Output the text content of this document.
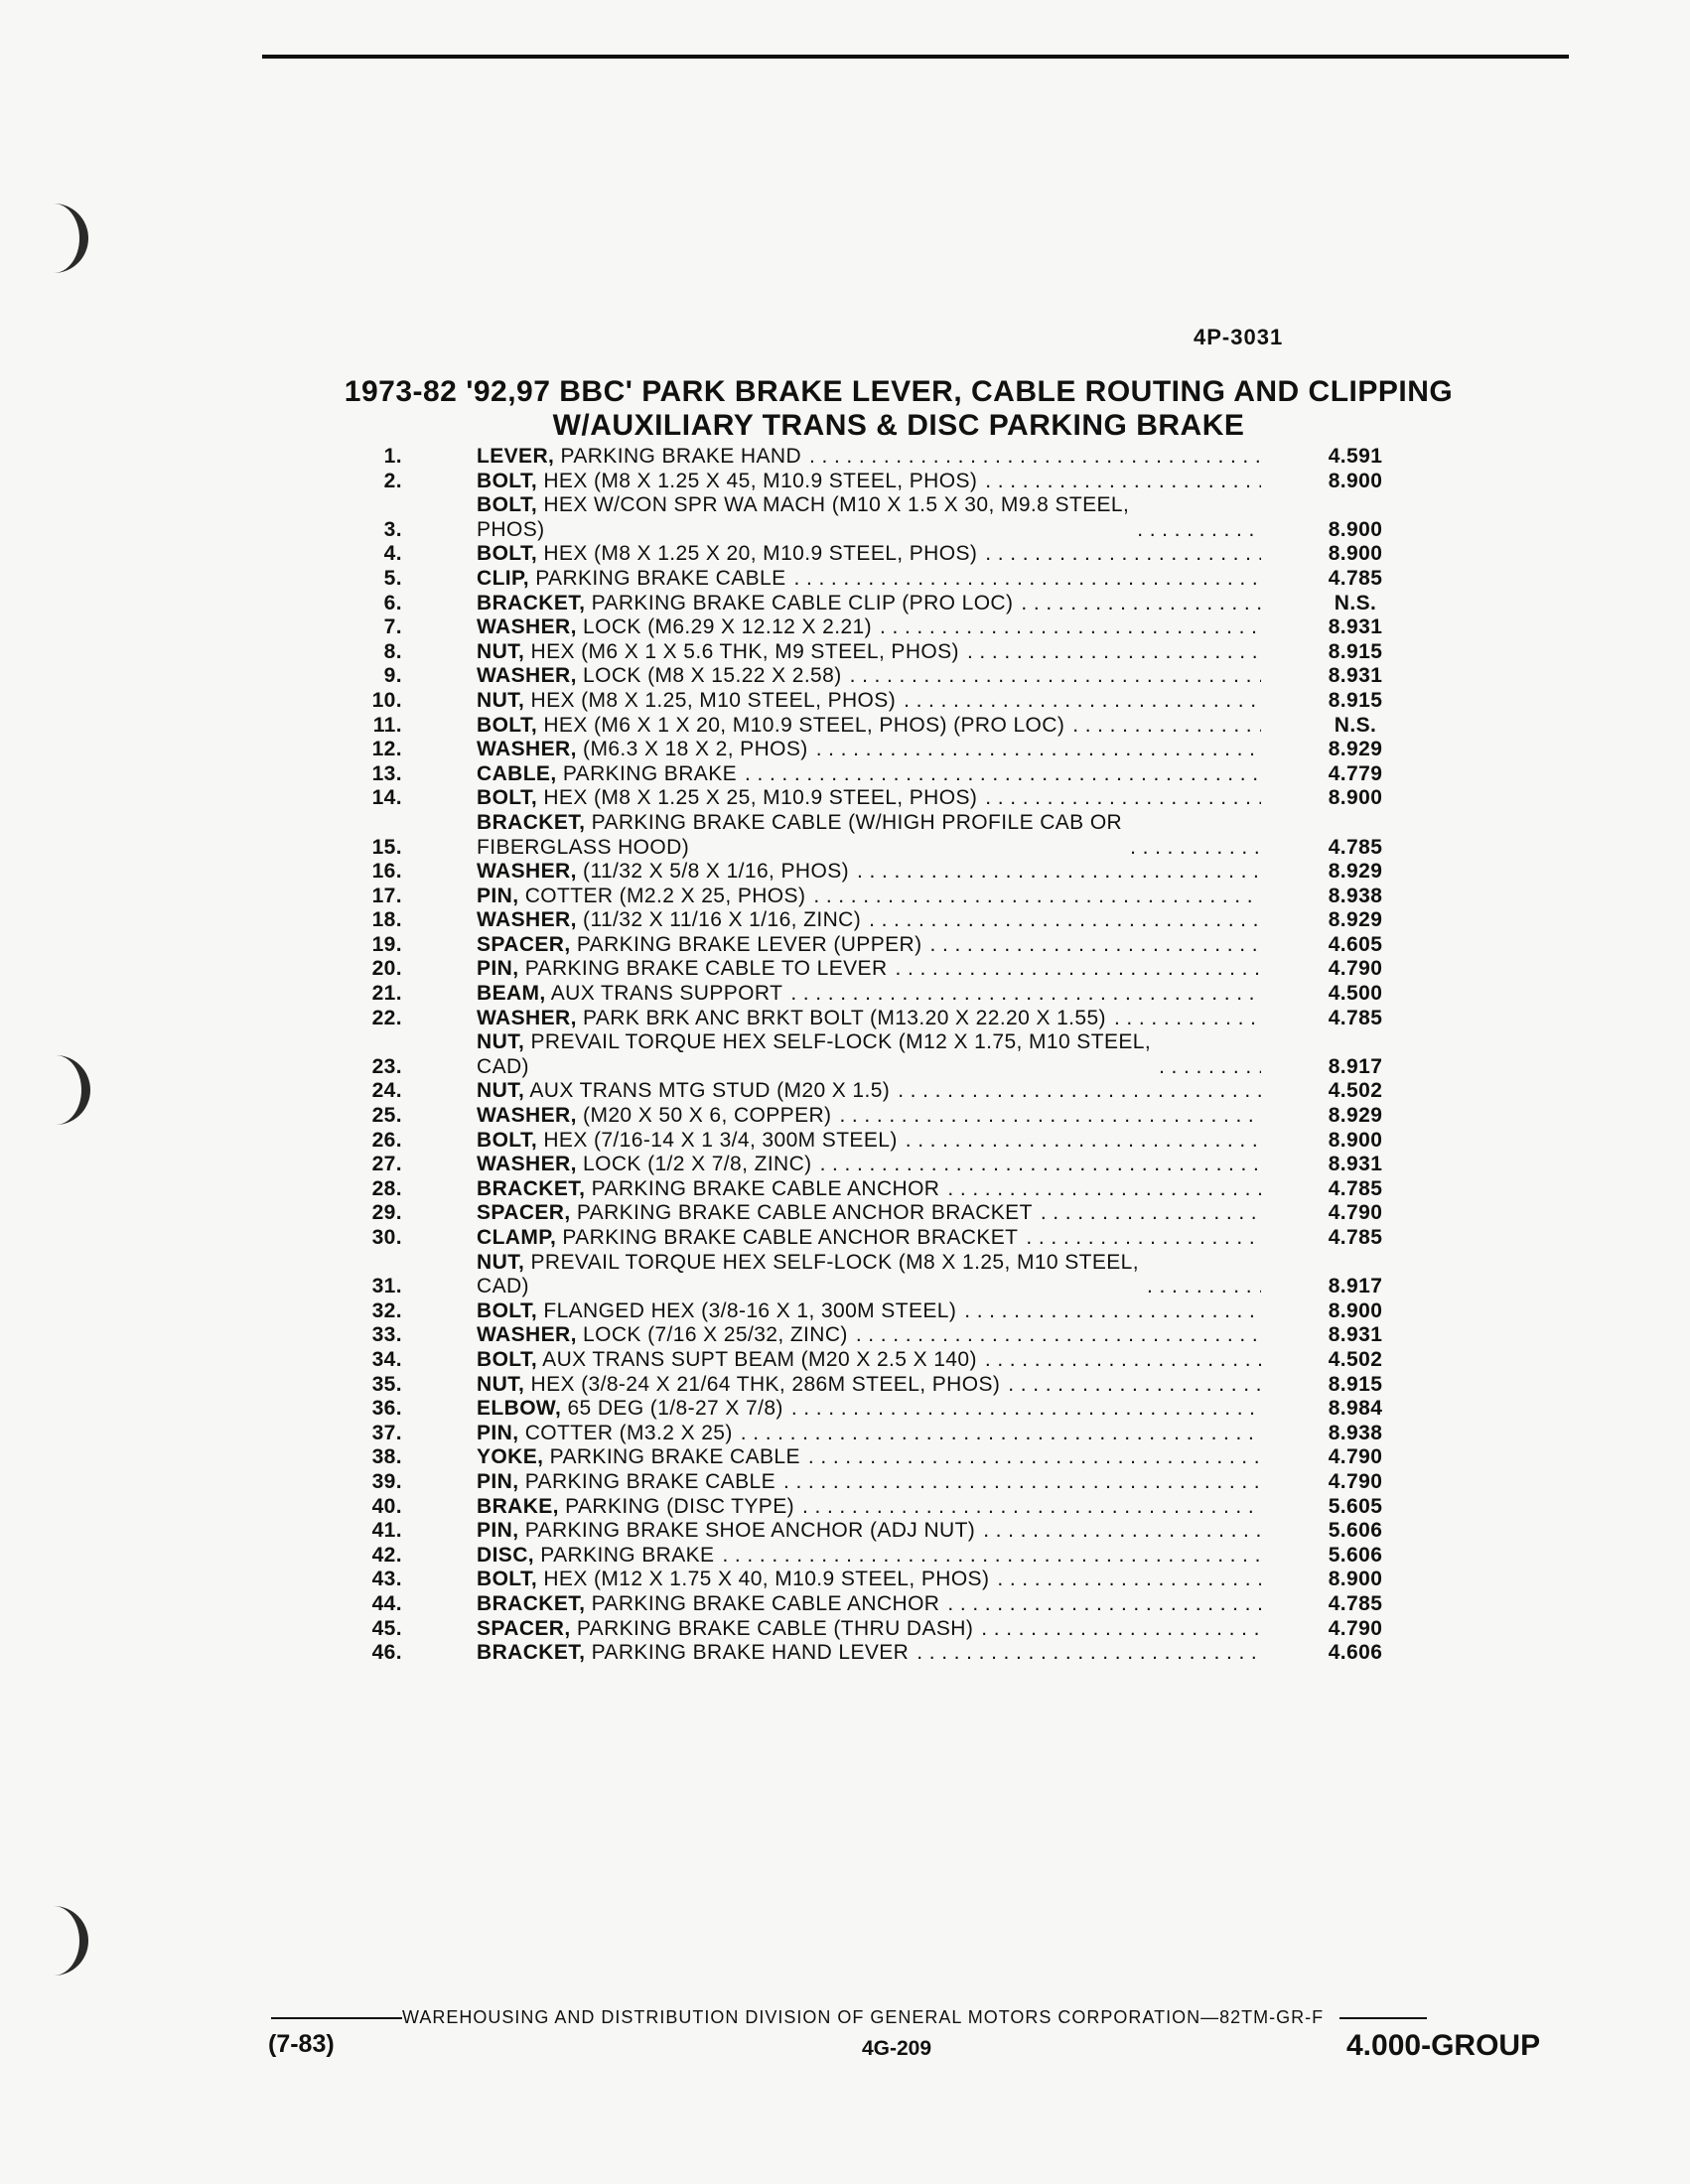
4P-3031
1973-82 '92,97 BBC' PARK BRAKE LEVER, CABLE ROUTING AND CLIPPING
W/AUXILIARY TRANS & DISC PARKING BRAKE
1.	LEVER, PARKING BRAKE HAND . . .	4.591
2.	BOLT, HEX (M8 X 1.25 X 45, M10.9 STEEL, PHOS) . . .	8.900
3.
BOLT, HEX W/CON SPR WA MACH (M10 X 1.5 X 30, M9.8 STEEL,
PHOS) . . .	8.900
4.	BOLT, HEX (M8 X 1.25 X 20, M10.9 STEEL, PHOS) . . .	8.900
5.	CLIP, PARKING BRAKE CABLE . . .	4.785
6.	BRACKET, PARKING BRAKE CABLE CLIP (PRO LOC) . . .	N.S.
7.	WASHER, LOCK (M6.29 X 12.12 X 2.21) . . .	8.931
8.	NUT, HEX (M6 X 1 X 5.6 THK, M9 STEEL, PHOS) . . .	8.915
9.	WASHER, LOCK (M8 X 15.22 X 2.58) . . .	8.931
10.	NUT, HEX (M8 X 1.25, M10 STEEL, PHOS) . . .	8.915
11.	BOLT, HEX (M6 X 1 X 20, M10.9 STEEL, PHOS) (PRO LOC) . . .	N.S.
12.	WASHER, (M6.3 X 18 X 2, PHOS) . . .	8.929
13.	CABLE, PARKING BRAKE . . .	4.779
14.	BOLT, HEX (M8 X 1.25 X 25, M10.9 STEEL, PHOS) . . .	8.900
15.
BRACKET, PARKING BRAKE CABLE (W/HIGH PROFILE CAB OR
FIBERGLASS HOOD) . . .	4.785
16.	WASHER, (11/32 X 5/8 X 1/16, PHOS) . . .	8.929
17.	PIN, COTTER (M2.2 X 25, PHOS) . . .	8.938
18.	WASHER, (11/32 X 11/16 X 1/16, ZINC) . . .	8.929
19.	SPACER, PARKING BRAKE LEVER (UPPER) . . .	4.605
20.	PIN, PARKING BRAKE CABLE TO LEVER . . .	4.790
21.	BEAM, AUX TRANS SUPPORT . . .	4.500
22.	WASHER, PARK BRK ANC BRKT BOLT (M13.20 X 22.20 X 1.55) . . .	4.785
23.
NUT, PREVAIL TORQUE HEX SELF-LOCK (M12 X 1.75, M10 STEEL,
CAD) . . .	8.917
24.	NUT, AUX TRANS MTG STUD (M20 X 1.5) . . .	4.502
25.	WASHER, (M20 X 50 X 6, COPPER) . . .	8.929
26.	BOLT, HEX (7/16-14 X 1 3/4, 300M STEEL) . . .	8.900
27.	WASHER, LOCK (1/2 X 7/8, ZINC) . . .	8.931
28.	BRACKET, PARKING BRAKE CABLE ANCHOR . . .	4.785
29.	SPACER, PARKING BRAKE CABLE ANCHOR BRACKET . . .	4.790
30.	CLAMP, PARKING BRAKE CABLE ANCHOR BRACKET . . .	4.785
31.
NUT, PREVAIL TORQUE HEX SELF-LOCK (M8 X 1.25, M10 STEEL,
CAD) . . .	8.917
32.	BOLT, FLANGED HEX (3/8-16 X 1, 300M STEEL) . . .	8.900
33.	WASHER, LOCK (7/16 X 25/32, ZINC) . . .	8.931
34.	BOLT, AUX TRANS SUPT BEAM (M20 X 2.5 X 140) . . .	4.502
35.	NUT, HEX (3/8-24 X 21/64 THK, 286M STEEL, PHOS) . . .	8.915
36.	ELBOW, 65 DEG (1/8-27 X 7/8) . . .	8.984
37.	PIN, COTTER (M3.2 X 25) . . .	8.938
38.	YOKE, PARKING BRAKE CABLE . . .	4.790
39.	PIN, PARKING BRAKE CABLE . . .	4.790
40.	BRAKE, PARKING (DISC TYPE) . . .	5.605
41.	PIN, PARKING BRAKE SHOE ANCHOR (ADJ NUT) . . .	5.606
42.	DISC, PARKING BRAKE . . .	5.606
43.	BOLT, HEX (M12 X 1.75 X 40, M10.9 STEEL, PHOS) . . .	8.900
44.	BRACKET, PARKING BRAKE CABLE ANCHOR . . .	4.785
45.	SPACER, PARKING BRAKE CABLE (THRU DASH) . . .	4.790
46.	BRACKET, PARKING BRAKE HAND LEVER . . .	4.606
WAREHOUSING AND DISTRIBUTION DIVISION OF GENERAL MOTORS CORPORATION—82TM-GR-F
(7-83)	4G-209	4.000-GROUP
